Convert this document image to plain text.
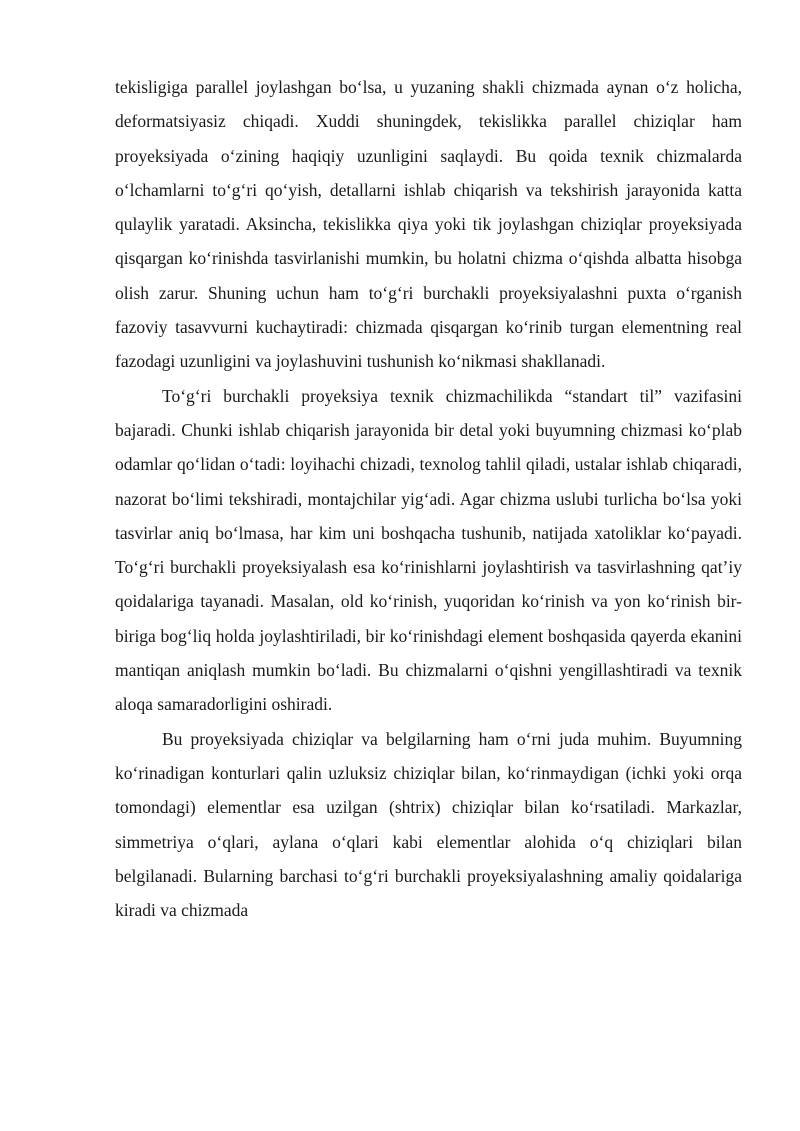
tekisligiga parallel joylashgan bo‘lsa, u yuzaning shakli chizmada aynan o‘z holicha, deformatsiyasiz chiqadi. Xuddi shuningdek, tekislikka parallel chiziqlar ham proyeksiyada o‘zining haqiqiy uzunligini saqlaydi. Bu qoida texnik chizmalarda o‘lchamlarni to‘g‘ri qo‘yish, detallarni ishlab chiqarish va tekshirish jarayonida katta qulaylik yaratadi. Aksincha, tekislikka qiya yoki tik joylashgan chiziqlar proyeksiyada qisqargan ko‘rinishda tasvirlanishi mumkin, bu holatni chizma o‘qishda albatta hisobga olish zarur. Shuning uchun ham to‘g‘ri burchakli proyeksiyalashni puxta o‘rganish fazoviy tasavvurni kuchaytiradi: chizmada qisqargan ko‘rinib turgan elementning real fazodagi uzunligini va joylashuvini tushunish ko‘nikmasi shakllanadi.

To‘g‘ri burchakli proyeksiya texnik chizmachilikda “standart til” vazifasini bajaradi. Chunki ishlab chiqarish jarayonida bir detal yoki buyumning chizmasi ko‘plab odamlar qo‘lidan o‘tadi: loyihachi chizadi, texnolog tahlil qiladi, ustalar ishlab chiqaradi, nazorat bo‘limi tekshiradi, montajchilar yig‘adi. Agar chizma uslubi turlicha bo‘lsa yoki tasvirlar aniq bo‘lmasa, har kim uni boshqacha tushunib, natijada xatoliklar ko‘payadi. To‘g‘ri burchakli proyeksiyalash esa ko‘rinishlarni joylashtirish va tasvirlashning qat’iy qoidalariga tayanadi. Masalan, old ko‘rinish, yuqoridan ko‘rinish va yon ko‘rinish bir-biriga bog‘liq holda joylashtiriladi, bir ko‘rinishdagi element boshqasida qayerda ekanini mantiqan aniqlash mumkin bo‘ladi. Bu chizmalarni o‘qishni yengillashtiradi va texnik aloqa samaradorligini oshiradi.

Bu proyeksiyada chiziqlar va belgilarning ham o‘rni juda muhim. Buyumning ko‘rinadigan konturlari qalin uzluksiz chiziqlar bilan, ko‘rinmaydigan (ichki yoki orqa tomondagi) elementlar esa uzilgan (shtrix) chiziqlar bilan ko‘rsatiladi. Markazlar, simmetriya o‘qlari, aylana o‘qlari kabi elementlar alohida o‘q chiziqlari bilan belgilanadi. Bularning barchasi to‘g‘ri burchakli proyeksiyalashning amaliy qoidalariga kiradi va chizmada
